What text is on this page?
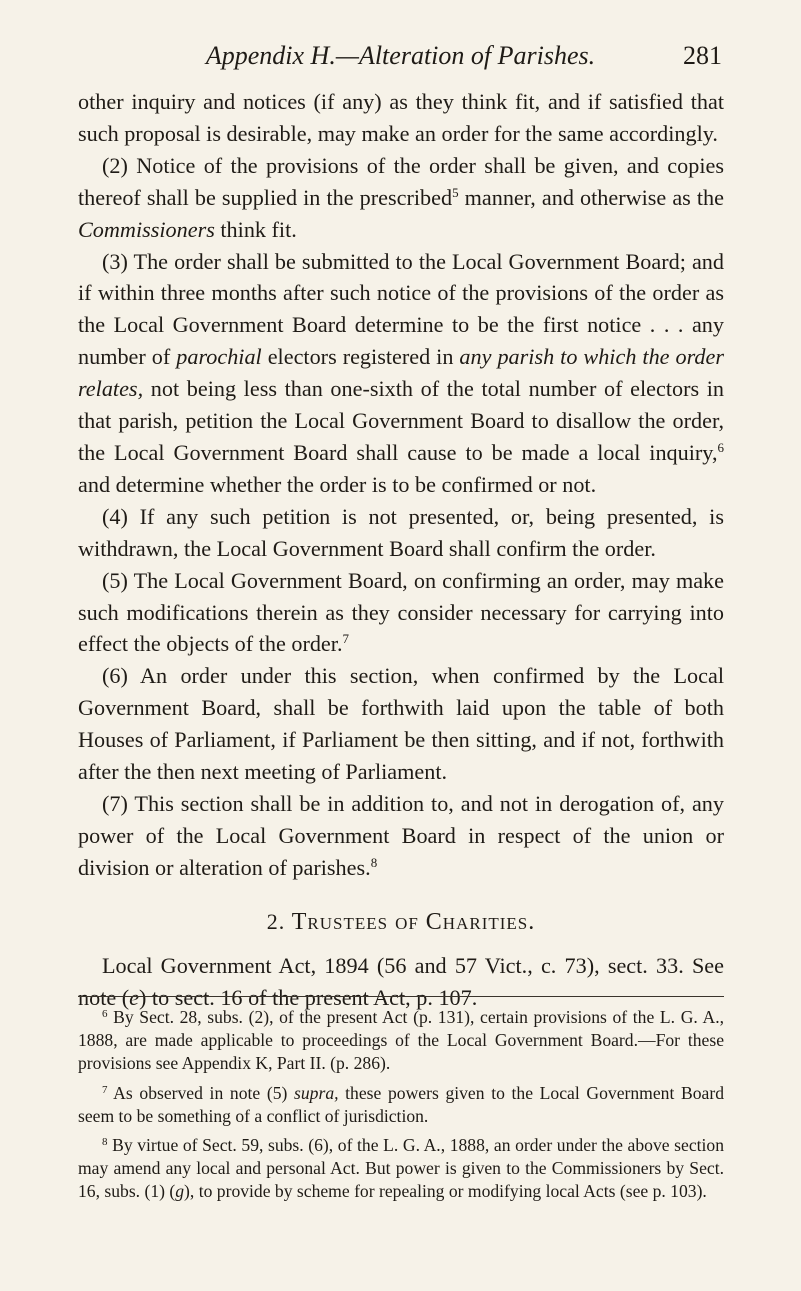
Appendix H.—Alteration of Parishes.	281

other inquiry and notices (if any) as they think fit, and if satisfied that such proposal is desirable, may make an order for the same accordingly.

(2) Notice of the provisions of the order shall be given, and copies thereof shall be supplied in the prescribed$^5$ manner, and otherwise as the Commissioners think fit.

(3) The order shall be submitted to the Local Government Board; and if within three months after such notice of the provisions of the order as the Local Government Board determine to be the first notice . . . any number of parochial electors registered in any parish to which the order relates, not being less than one-sixth of the total number of electors in that parish, petition the Local Government Board to disallow the order, the Local Government Board shall cause to be made a local inquiry,$^6$ and determine whether the order is to be confirmed or not.

(4) If any such petition is not presented, or, being presented, is withdrawn, the Local Government Board shall confirm the order.

(5) The Local Government Board, on confirming an order, may make such modifications therein as they consider necessary for carrying into effect the objects of the order.$^7$

(6) An order under this section, when confirmed by the Local Government Board, shall be forthwith laid upon the table of both Houses of Parliament, if Parliament be then sitting, and if not, forthwith after the then next meeting of Parliament.

(7) This section shall be in addition to, and not in derogation of, any power of the Local Government Board in respect of the union or division or alteration of parishes.$^8$

2. Trustees of Charities.

Local Government Act, 1894 (56 and 57 Vict., c. 73), sect. 33. See note (e) to sect. 16 of the present Act, p. 107.

$^6$ By Sect. 28, subs. (2), of the present Act (p. 131), certain provisions of the L. G. A., 1888, are made applicable to proceedings of the Local Government Board.—For these provisions see Appendix K, Part II. (p. 286).

$^7$ As observed in note (5) supra, these powers given to the Local Government Board seem to be something of a conflict of jurisdiction.

$^8$ By virtue of Sect. 59, subs. (6), of the L. G. A., 1888, an order under the above section may amend any local and personal Act. But power is given to the Commissioners by Sect. 16, subs. (1) (g), to provide by scheme for repealing or modifying local Acts (see p. 103).
